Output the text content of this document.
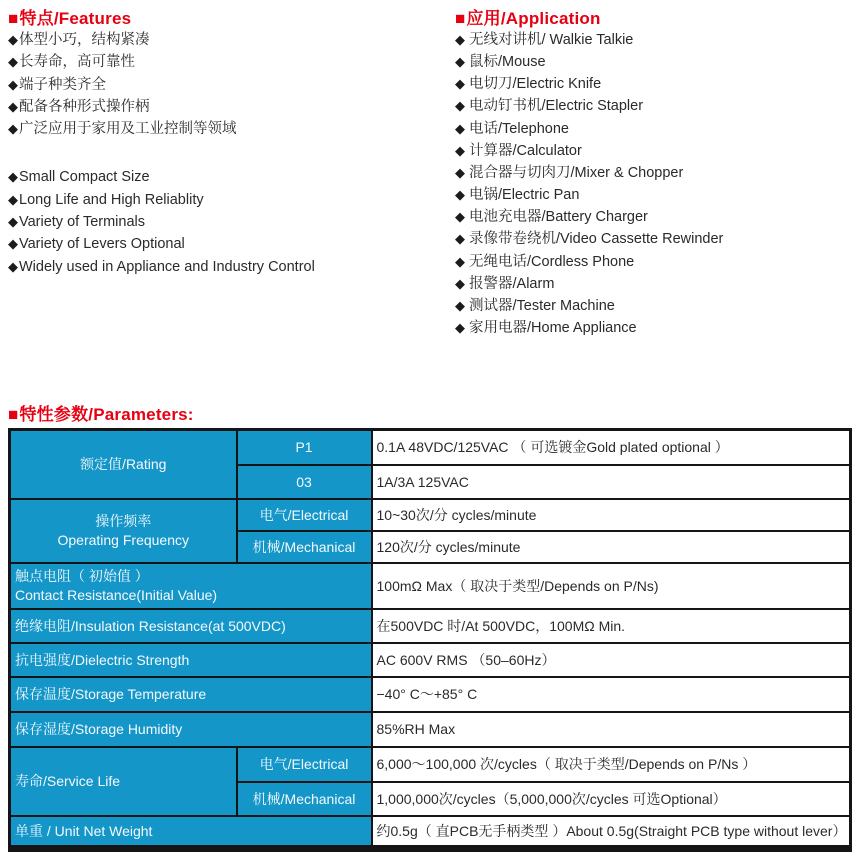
■特点/Features
◆ 体型小巧，结构紧凑
◆ 长寿命，高可靠性
◆ 端子种类齐全
◆ 配备各种形式操作柄
◆ 广泛应用于家用及工业控制等领域
◆ Small Compact Size
◆ Long Life and High Reliablity
◆ Variety of Terminals
◆ Variety of Levers Optional
◆ Widely used in Appliance and Industry Control
■应用/Application
◆ 无线对讲机/ Walkie Talkie
◆ 鼠标/Mouse
◆ 电切刀/Electric Knife
◆ 电动钉书机/Electric Stapler
◆ 电话/Telephone
◆ 计算器/Calculator
◆ 混合器与切肉刀/Mixer & Chopper
◆ 电锅/Electric Pan
◆ 电池充电器/Battery Charger
◆ 录像带卷绕机/Video Cassette Rewinder
◆ 无绳电话/Cordless Phone
◆ 报警器/Alarm
◆ 测试器/Tester Machine
◆ 家用电器/Home Appliance
■特性参数/Parameters:
额定值/Rating	P1	0.1A 48VDC/125VAC （ 可选镀金Gold plated optional ）
	03	1A/3A 125VAC

操作频率
Operating Frequency	电气/Electrical	10~30次/分 cycles/minute
	机械/Mechanical	120次/分 cycles/minute

触点电阻（ 初始值 ）
Contact Resistance(Initial Value)		100mΩ Max（ 取决于类型/Depends on P/Ns)
绝缘电阻/Insulation Resistance(at 500VDC)		在500VDC 时/At 500VDC，100MΩ Min.
抗电强度/Dielectric Strength		AC 600V RMS （50–60Hz）
保存温度/Storage Temperature		−40° C～+85° C
保存湿度/Storage Humidity		85%RH Max
寿命/Service Life	电气/Electrical	6,000～100,000 次/cycles（ 取决于类型/Depends on P/Ns ）
	机械/Mechanical	1,000,000次/cycles（5,000,000次/cycles 可选Optional）
单重 / Unit Net Weight		约0.5g（ 直PCB无手柄类型 ）About 0.5g(Straight PCB type without lever）
